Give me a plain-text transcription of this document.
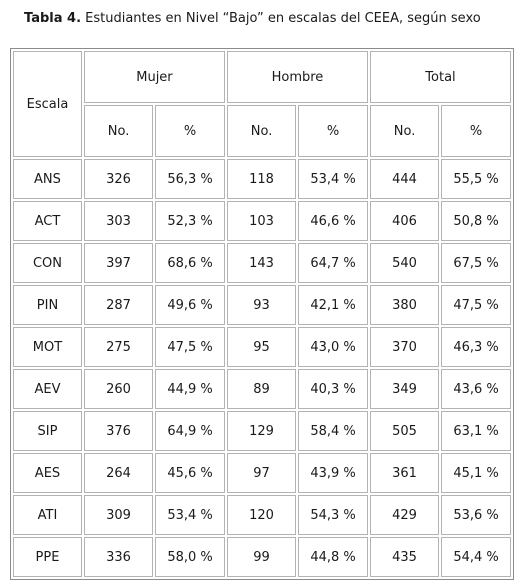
Tabla 4. Estudiantes en Nivel “Bajo” en escalas del CEEA, según sexo
Escala	Mujer		Hombre		Total	
	No.	%	No.	%	No.	%
ANS	326	56,3 %	118	53,4 %	444	55,5 %
ACT	303	52,3 %	103	46,6 %	406	50,8 %
CON	397	68,6 %	143	64,7 %	540	67,5 %
PIN	287	49,6 %	93	42,1 %	380	47,5 %
MOT	275	47,5 %	95	43,0 %	370	46,3 %
AEV	260	44,9 %	89	40,3 %	349	43,6 %
SIP	376	64,9 %	129	58,4 %	505	63,1 %
AES	264	45,6 %	97	43,9 %	361	45,1 %
ATI	309	53,4 %	120	54,3 %	429	53,6 %
PPE	336	58,0 %	99	44,8 %	435	54,4 %
